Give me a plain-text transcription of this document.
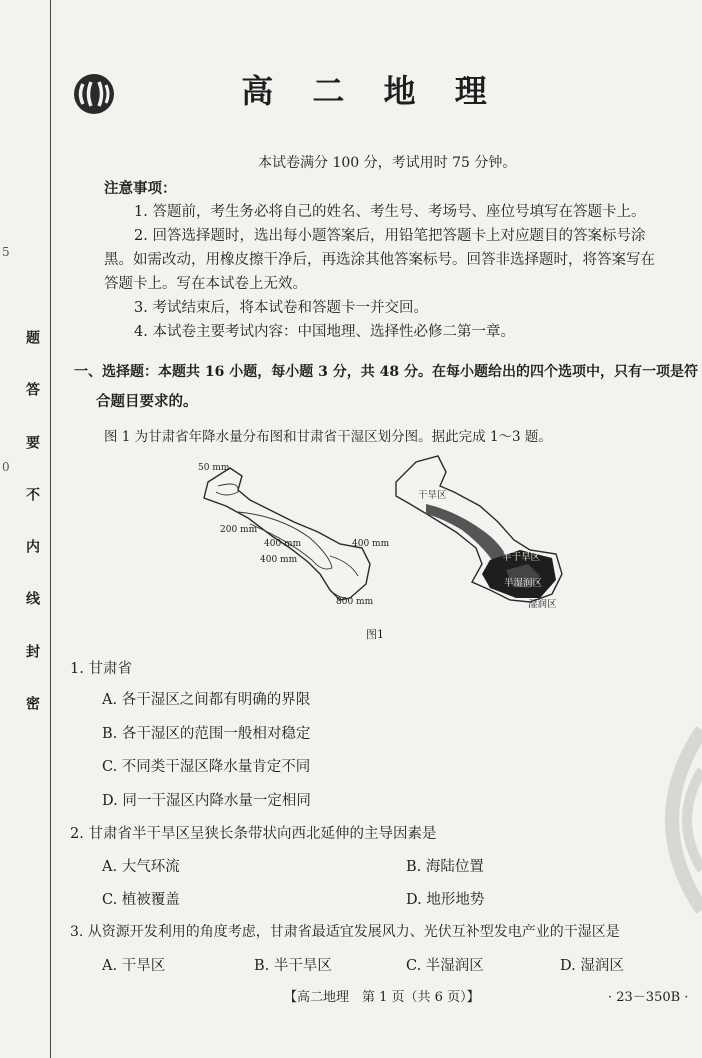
5
0
题
答
要
不
内
线
封
密
高 二 地 理
本试卷满分 100 分，考试用时 75 分钟。
注意事项：
1. 答题前，考生务必将自己的姓名、考生号、考场号、座位号填写在答题卡上。
2. 回答选择题时，选出每小题答案后，用铅笔把答题卡上对应题目的答案标号涂
黑。如需改动，用橡皮擦干净后，再选涂其他答案标号。回答非选择题时，将答案写在
答题卡上。写在本试卷上无效。
3. 考试结束后，将本试卷和答题卡一并交回。
4. 本试卷主要考试内容：中国地理、选择性必修二第一章。
一、选择题：本题共 16 小题，每小题 3 分，共 48 分。在每小题给出的四个选项中，只有一项是符
合题目要求的。
图 1 为甘肃省年降水量分布图和甘肃省干湿区划分图。据此完成 1～3 题。
50 mm
200 mm
400 mm	400 mm
400 mm
800 mm
干旱区
半干旱区
半湿润区
湿润区
图1
1. 甘肃省
A. 各干湿区之间都有明确的界限
B. 各干湿区的范围一般相对稳定
C. 不同类干湿区降水量肯定不同
D. 同一干湿区内降水量一定相同
2. 甘肃省半干旱区呈狭长条带状向西北延伸的主导因素是
A. 大气环流	B. 海陆位置
C. 植被覆盖	D. 地形地势
3. 从资源开发利用的角度考虑，甘肃省最适宜发展风力、光伏互补型发电产业的干湿区是
A. 干旱区	B. 半干旱区	C. 半湿润区	D. 湿润区
【高二地理　第 1 页（共 6 页）】	· 23－350B ·
